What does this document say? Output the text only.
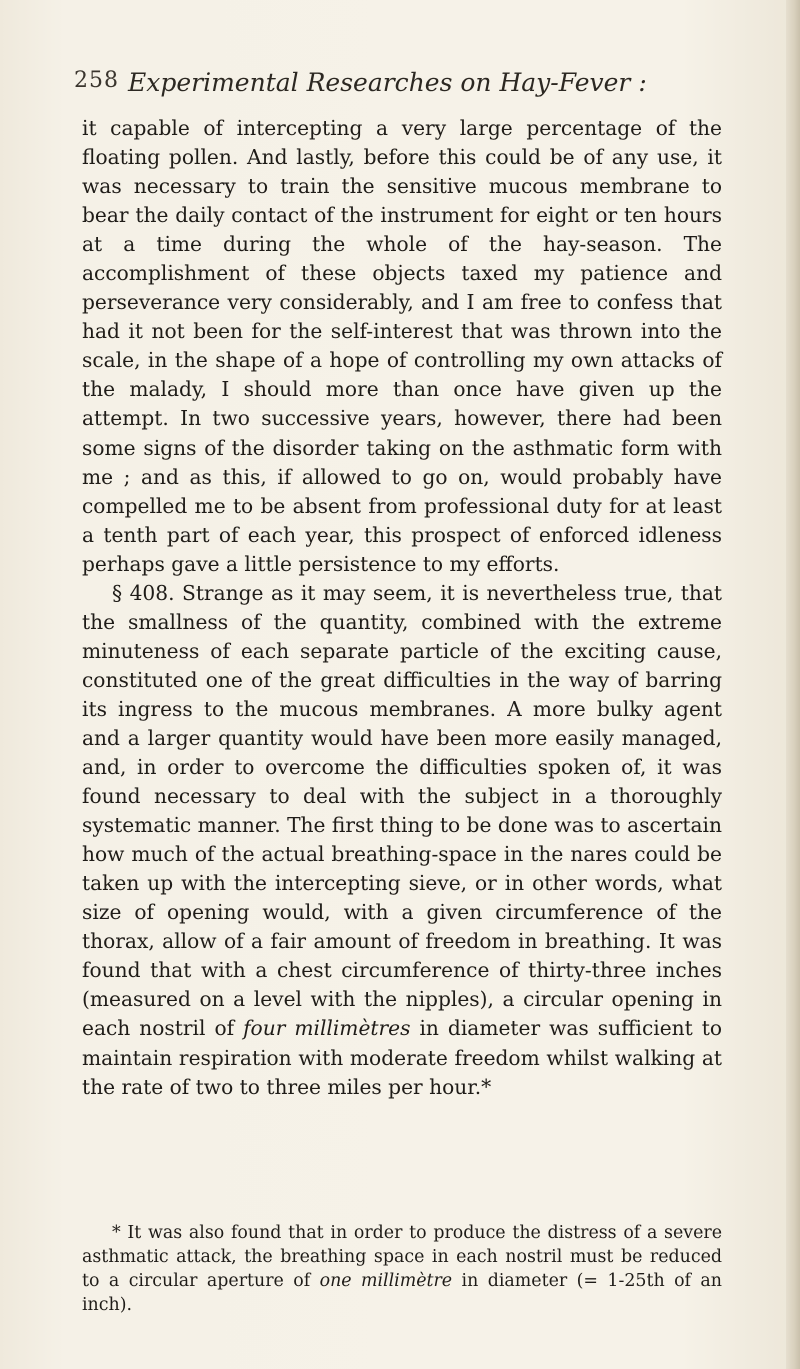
258 Experimental Researches on Hay-Fever :

it capable of intercepting a very large percentage of the floating pollen. And lastly, before this could be of any use, it was necessary to train the sensitive mucous membrane to bear the daily contact of the instrument for eight or ten hours at a time during the whole of the hay-season. The accomplishment of these objects taxed my patience and perseverance very considerably, and I am free to confess that had it not been for the self-interest that was thrown into the scale, in the shape of a hope of controlling my own attacks of the malady, I should more than once have given up the attempt. In two successive years, however, there had been some signs of the disorder taking on the asthmatic form with me ; and as this, if allowed to go on, would probably have compelled me to be absent from professional duty for at least a tenth part of each year, this prospect of enforced idleness perhaps gave a little persistence to my efforts.

§ 408. Strange as it may seem, it is nevertheless true, that the smallness of the quantity, combined with the extreme minuteness of each separate particle of the exciting cause, constituted one of the great difficulties in the way of barring its ingress to the mucous membranes. A more bulky agent and a larger quantity would have been more easily managed, and, in order to overcome the difficulties spoken of, it was found necessary to deal with the subject in a thoroughly systematic manner. The first thing to be done was to ascertain how much of the actual breathing-space in the nares could be taken up with the intercepting sieve, or in other words, what size of opening would, with a given circumference of the thorax, allow of a fair amount of freedom in breathing. It was found that with a chest circumference of thirty-three inches (measured on a level with the nipples), a circular opening in each nostril of four millimètres in diameter was sufficient to maintain respiration with moderate freedom whilst walking at the rate of two to three miles per hour.*

* It was also found that in order to produce the distress of a severe asthmatic attack, the breathing space in each nostril must be reduced to a circular aperture of one millimètre in diameter (= 1-25th of an inch).
